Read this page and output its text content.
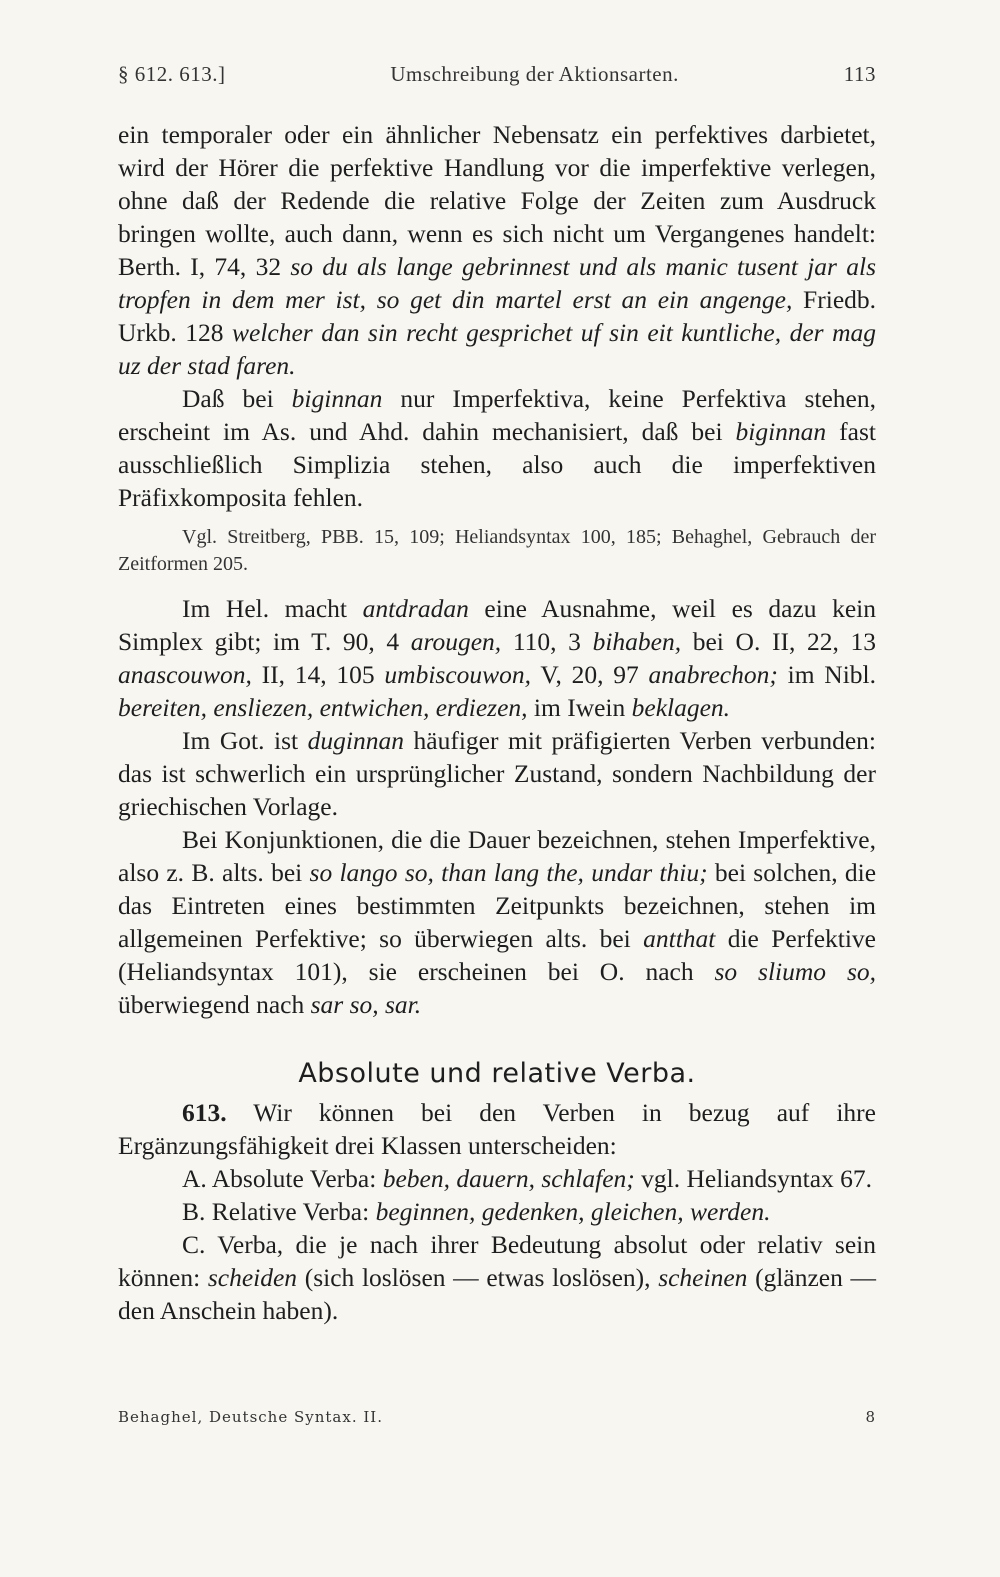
§ 612. 613.]	Umschreibung der Aktionsarten.	113

ein temporaler oder ein ähnlicher Nebensatz ein perfektives darbietet, wird der Hörer die perfektive Handlung vor die imperfektive verlegen, ohne daß der Redende die relative Folge der Zeiten zum Ausdruck bringen wollte, auch dann, wenn es sich nicht um Vergangenes handelt: Berth. I, 74, 32 so du als lange gebrinnest und als manic tusent jar als tropfen in dem mer ist, so get din martel erst an ein angenge, Friedb. Urkb. 128 welcher dan sin recht gesprichet uf sin eit kuntliche, der mag uz der stad faren.

Daß bei biginnan nur Imperfektiva, keine Perfektiva stehen, erscheint im As. und Ahd. dahin mechanisiert, daß bei biginnan fast ausschließlich Simplizia stehen, also auch die imperfektiven Präfixkomposita fehlen.

Vgl. Streitberg, PBB. 15, 109; Heliandsyntax 100, 185; Behaghel, Gebrauch der Zeitformen 205.

Im Hel. macht antdradan eine Ausnahme, weil es dazu kein Simplex gibt; im T. 90, 4 arougen, 110, 3 bihaben, bei O. II, 22, 13 anascouwon, II, 14, 105 umbiscouwon, V, 20, 97 anabrechon; im Nibl. bereiten, ensliezen, entwichen, erdiezen, im Iwein beklagen.

Im Got. ist duginnan häufiger mit präfigierten Verben verbunden: das ist schwerlich ein ursprünglicher Zustand, sondern Nachbildung der griechischen Vorlage.

Bei Konjunktionen, die die Dauer bezeichnen, stehen Imperfektive, also z. B. alts. bei so lango so, than lang the, undar thiu; bei solchen, die das Eintreten eines bestimmten Zeitpunkts bezeichnen, stehen im allgemeinen Perfektive; so überwiegen alts. bei antthat die Perfektive (Heliandsyntax 101), sie erscheinen bei O. nach so sliumo so, überwiegend nach sar so, sar.

Absolute und relative Verba.

613. Wir können bei den Verben in bezug auf ihre Ergänzungsfähigkeit drei Klassen unterscheiden:

A. Absolute Verba: beben, dauern, schlafen; vgl. Heliandsyntax 67.

B. Relative Verba: beginnen, gedenken, gleichen, werden.

C. Verba, die je nach ihrer Bedeutung absolut oder relativ sein können: scheiden (sich loslösen — etwas loslösen), scheinen (glänzen — den Anschein haben).

Behaghel, Deutsche Syntax. II.	8
